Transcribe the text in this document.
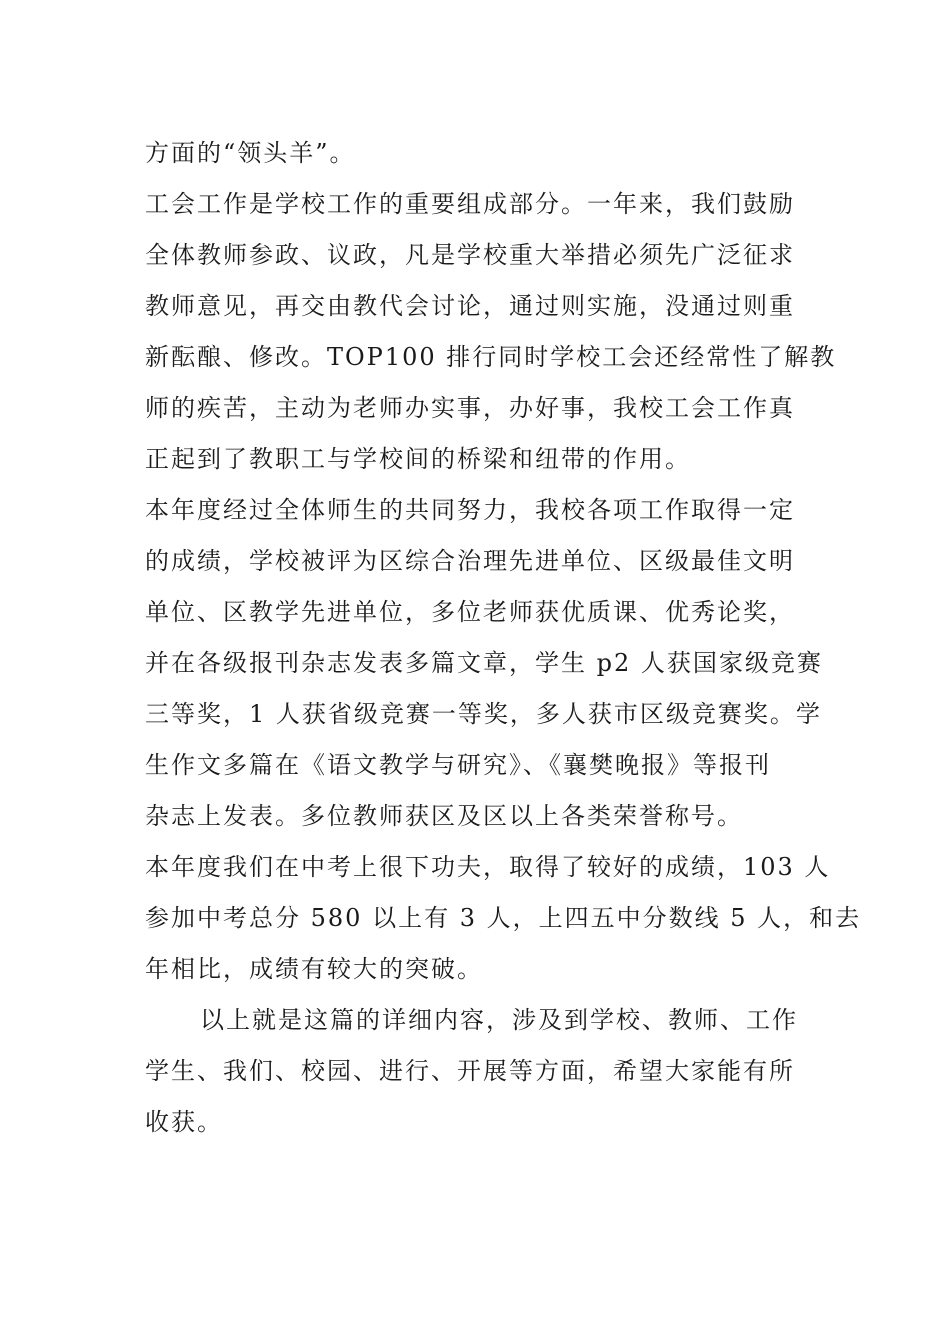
方面的“领头羊”。
工会工作是学校工作的重要组成部分。一年来，我们鼓励
全体教师参政、议政，凡是学校重大举措必须先广泛征求
教师意见，再交由教代会讨论，通过则实施，没通过则重
新酝酿、修改。TOP100 排行同时学校工会还经常性了解教
师的疾苦，主动为老师办实事，办好事，我校工会工作真
正起到了教职工与学校间的桥梁和纽带的作用。
本年度经过全体师生的共同努力，我校各项工作取得一定
的成绩，学校被评为区综合治理先进单位、区级最佳文明
单位、区教学先进单位，多位老师获优质课、优秀论奖，
并在各级报刊杂志发表多篇文章，学生 p2 人获国家级竞赛
三等奖，1 人获省级竞赛一等奖，多人获市区级竞赛奖。学
生作文多篇在《语文教学与研究》、《襄樊晚报》等报刊
杂志上发表。多位教师获区及区以上各类荣誉称号。
本年度我们在中考上很下功夫，取得了较好的成绩，103 人
参加中考总分 580 以上有 3 人，上四五中分数线 5 人，和去
年相比，成绩有较大的突破。
以上就是这篇的详细内容，涉及到学校、教师、工作
学生、我们、校园、进行、开展等方面，希望大家能有所
收获。
